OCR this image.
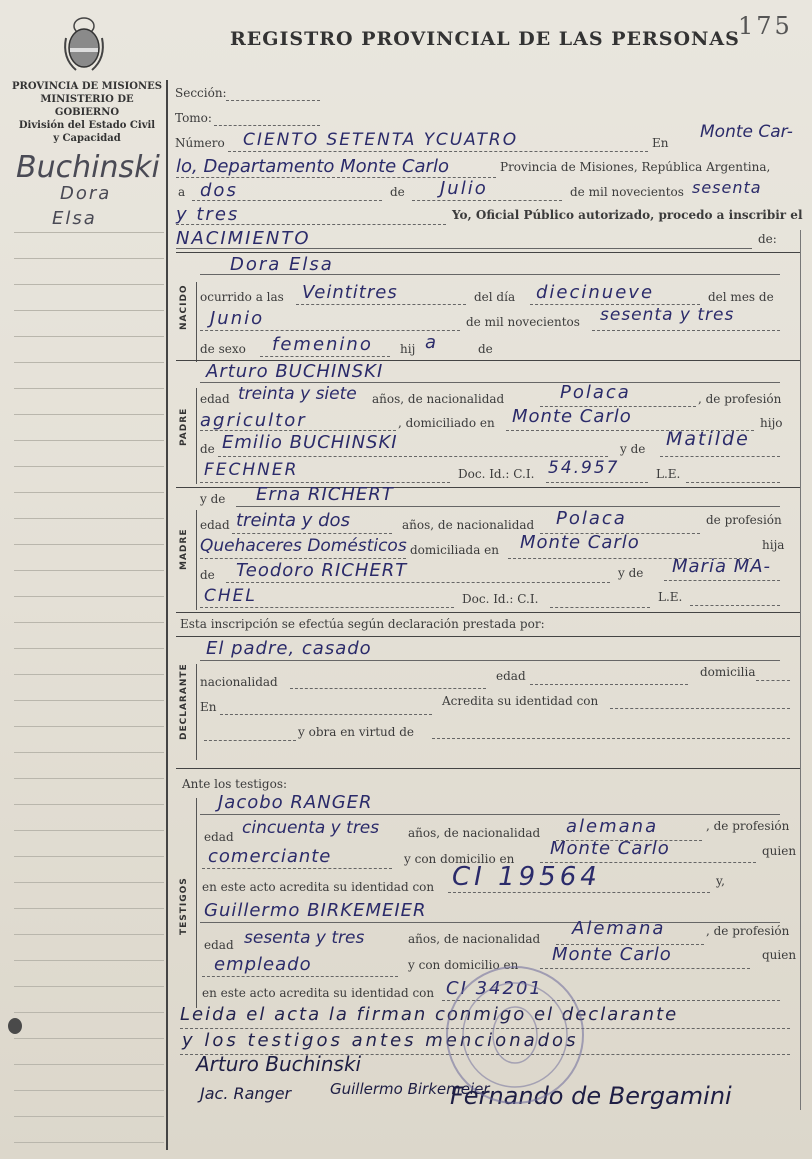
REGISTRO PROVINCIAL DE LAS PERSONAS
175
PROVINCIA DE MISIONES
MINISTERIO DE GOBIERNO
División del Estado Civil
y Capacidad
Buchinski
Dora
Elsa
Sección:
Tomo:
Número CIENTO SETENTA YCUATRO	En
Monte Car-
lo, Departamento Monte Carlo	Provincia de Misiones, República Argentina,
a dos	de Julio	de mil novecientos sesenta
y tres	Yo, Oficial Público autorizado, procedo a inscribir el
NACIMIENTO	de:
Dora Elsa
NACIDO ocurrido a las Veintitres	del día diecinueve	del mes de
Junio	de mil novecientos sesenta y tres
de sexo femenino hij a	de
Arturo BUCHINSKI
PADRE
edad treinta y siete años, de nacionalidad	Polaca	, de profesión
agricultor	, domiciliado en Monte Carlo	hijo
de Emilio BUCHINSKI	y de Matilde
FECHNER	Doc. Id.: C.I. 54.957	L.E.
y de Erna RICHERT
MADRE
edad treinta y dos	años, de nacionalidad Polaca	de profesión
Quehaceres Domésticos domiciliada en Monte Carlo	hija
de Teodoro RICHERT	y de Maria MA-
CHEL	Doc. Id.: C.I.	L.E.
Esta inscripción se efectúa según declaración prestada por:
El padre, casado
DECLARANTE nacionalidad	edad	domicilia
En	Acredita su identidad con
y obra en virtud de
Ante los testigos:
TESTIGOS
Jacobo RANGER
edad cincuenta y tres años, de nacionalidad alemana	, de profesión
comerciante	y con domicilio en Monte Carlo	quien
en este acto acredita su identidad con CI 19564	y,
Guillermo BIRKEMEIER
edad sesenta y tres	años, de nacionalidad Alemana	, de profesión
empleado	y con domicilio en Monte Carlo	quien
en este acto acredita su identidad con CI 34201
Leida el acta la firman conmigo el declarante
y los testigos antes mencionados
Arturo Buchinski
Jac. Ranger	Guillermo Birkemeier
Fernando de Bergamini
